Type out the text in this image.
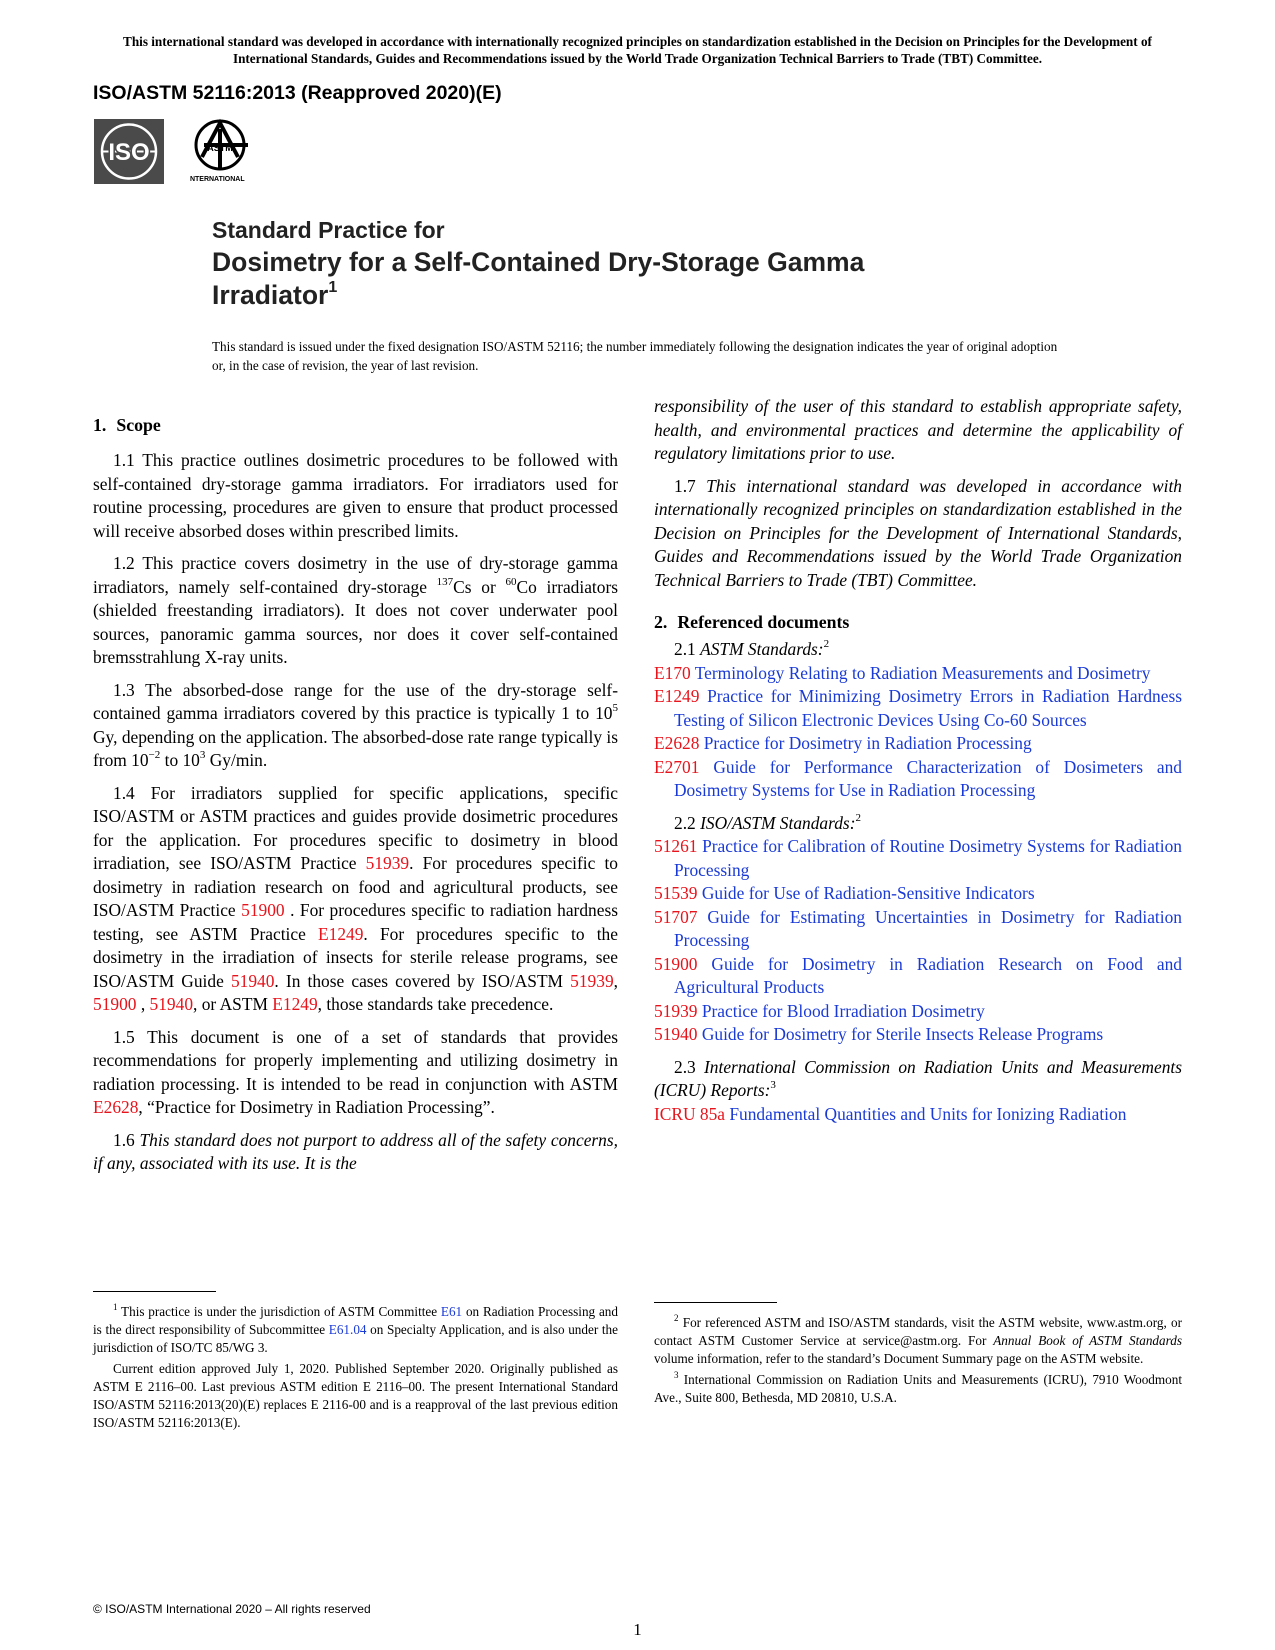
This international standard was developed in accordance with internationally recognized principles on standardization established in the Decision on Principles for the Development of International Standards, Guides and Recommendations issued by the World Trade Organization Technical Barriers to Trade (TBT) Committee.
ISO/ASTM 52116:2013 (Reapproved 2020)(E)
ISO	ASTM
INTERNATIONAL
Standard Practice for
Dosimetry for a Self-Contained Dry-Storage Gamma
Irradiator$^1$
This standard is issued under the fixed designation ISO/ASTM 52116; the number immediately following the designation indicates the year of original adoption or, in the case of revision, the year of last revision.
1. Scope

1.1 This practice outlines dosimetric procedures to be followed with self-contained dry-storage gamma irradiators. For irradiators used for routine processing, procedures are given to ensure that product processed will receive absorbed doses within prescribed limits.

1.2 This practice covers dosimetry in the use of dry-storage gamma irradiators, namely self-contained dry-storage $^{137}$Cs or $^{60}$Co irradiators (shielded freestanding irradiators). It does not cover underwater pool sources, panoramic gamma sources, nor does it cover self-contained bremsstrahlung X-ray units.

1.3 The absorbed-dose range for the use of the dry-storage self-contained gamma irradiators covered by this practice is typically 1 to $10^5$ Gy, depending on the application. The absorbed-dose rate range typically is from $10^{-2}$ to $10^3$ Gy/min.

1.4 For irradiators supplied for specific applications, specific ISO/ASTM or ASTM practices and guides provide dosimetric procedures for the application. For procedures specific to dosimetry in blood irradiation, see ISO/ASTM Practice 51939. For procedures specific to dosimetry in radiation research on food and agricultural products, see ISO/ASTM Practice 51900 . For procedures specific to radiation hardness testing, see ASTM Practice E1249. For procedures specific to the dosimetry in the irradiation of insects for sterile release programs, see ISO/ASTM Guide 51940. In those cases covered by ISO/ASTM 51939, 51900 , 51940, or ASTM E1249, those standards take precedence.

1.5 This document is one of a set of standards that provides recommendations for properly implementing and utilizing dosimetry in radiation processing. It is intended to be read in conjunction with ASTM E2628, “Practice for Dosimetry in Radiation Processing”.

1.6 This standard does not purport to address all of the safety concerns, if any, associated with its use. It is the

responsibility of the user of this standard to establish appropriate safety, health, and environmental practices and determine the applicability of regulatory limitations prior to use.

1.7 This international standard was developed in accordance with internationally recognized principles on standardization established in the Decision on Principles for the Development of International Standards, Guides and Recommendations issued by the World Trade Organization Technical Barriers to Trade (TBT) Committee.

2. Referenced documents

2.1 ASTM Standards:$^2$

E170 Terminology Relating to Radiation Measurements and Dosimetry

E1249 Practice for Minimizing Dosimetry Errors in Radiation Hardness Testing of Silicon Electronic Devices Using Co-60 Sources

E2628 Practice for Dosimetry in Radiation Processing

E2701 Guide for Performance Characterization of Dosimeters and Dosimetry Systems for Use in Radiation Processing

2.2 ISO/ASTM Standards:$^2$

51261 Practice for Calibration of Routine Dosimetry Systems for Radiation Processing

51539 Guide for Use of Radiation-Sensitive Indicators

51707 Guide for Estimating Uncertainties in Dosimetry for Radiation Processing

51900 Guide for Dosimetry in Radiation Research on Food and Agricultural Products

51939 Practice for Blood Irradiation Dosimetry

51940 Guide for Dosimetry for Sterile Insects Release Programs

2.3 International Commission on Radiation Units and Measurements (ICRU) Reports:$^3$

ICRU 85a Fundamental Quantities and Units for Ionizing Radiation

$^1$ This practice is under the jurisdiction of ASTM Committee E61 on Radiation Processing and is the direct responsibility of Subcommittee E61.04 on Specialty Application, and is also under the jurisdiction of ISO/TC 85/WG 3.

Current edition approved July 1, 2020. Published September 2020. Originally published as ASTM E 2116–00. Last previous ASTM edition E 2116–00. The present International Standard ISO/ASTM 52116:2013(20)(E) replaces E 2116-00 and is a reapproval of the last previous edition ISO/ASTM 52116:2013(E).

$^2$ For referenced ASTM and ISO/ASTM standards, visit the ASTM website, www.astm.org, or contact ASTM Customer Service at service@astm.org. For Annual Book of ASTM Standards volume information, refer to the standard’s Document Summary page on the ASTM website.

$^3$ International Commission on Radiation Units and Measurements (ICRU), 7910 Woodmont Ave., Suite 800, Bethesda, MD 20810, U.S.A.

© ISO/ASTM International 2020 – All rights reserved
1
